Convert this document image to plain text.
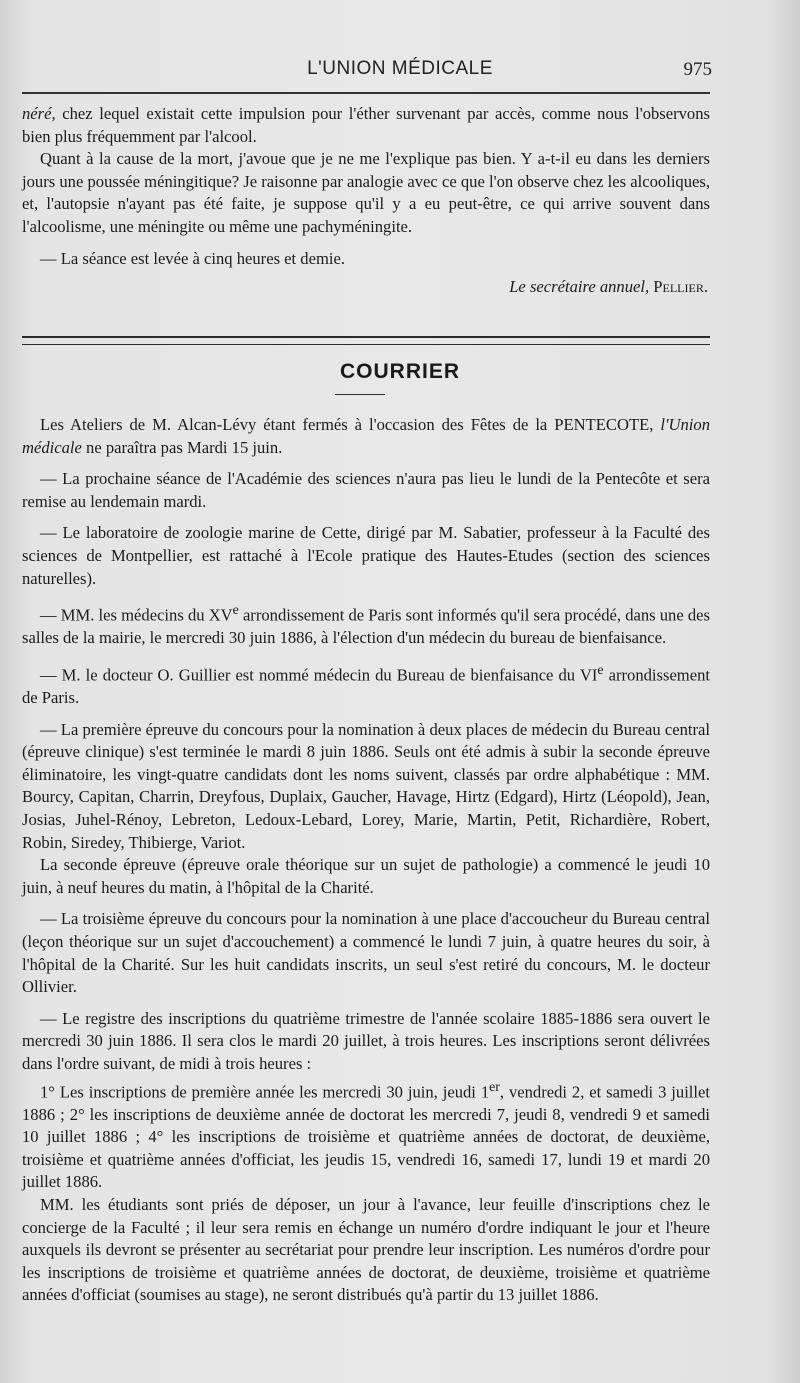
L'UNION MÉDICALE	975

néré, chez lequel existait cette impulsion pour l'éther survenant par accès, comme nous l'observons bien plus fréquemment par l'alcool.

Quant à la cause de la mort, j'avoue que je ne me l'explique pas bien. Y a-t-il eu dans les derniers jours une poussée méningitique? Je raisonne par analogie avec ce que l'on observe chez les alcooliques, et, l'autopsie n'ayant pas été faite, je suppose qu'il y a eu peut-être, ce qui arrive souvent dans l'alcoolisme, une méningite ou même une pachyméningite.

— La séance est levée à cinq heures et demie.

Le secrétaire annuel, Pellier.

COURRIER

Les Ateliers de M. Alcan-Lévy étant fermés à l'occasion des Fêtes de la PENTECOTE, l'Union médicale ne paraîtra pas Mardi 15 juin.

— La prochaine séance de l'Académie des sciences n'aura pas lieu le lundi de la Pentecôte et sera remise au lendemain mardi.

— Le laboratoire de zoologie marine de Cette, dirigé par M. Sabatier, professeur à la Faculté des sciences de Montpellier, est rattaché à l'Ecole pratique des Hautes-Etudes (section des sciences naturelles).

— MM. les médecins du XVe arrondissement de Paris sont informés qu'il sera procédé, dans une des salles de la mairie, le mercredi 30 juin 1886, à l'élection d'un médecin du bureau de bienfaisance.

— M. le docteur O. Guillier est nommé médecin du Bureau de bienfaisance du VIe arrondissement de Paris.

— La première épreuve du concours pour la nomination à deux places de médecin du Bureau central (épreuve clinique) s'est terminée le mardi 8 juin 1886. Seuls ont été admis à subir la seconde épreuve éliminatoire, les vingt-quatre candidats dont les noms suivent, classés par ordre alphabétique : MM. Bourcy, Capitan, Charrin, Dreyfous, Duplaix, Gaucher, Havage, Hirtz (Edgard), Hirtz (Léopold), Jean, Josias, Juhel-Rénoy, Lebreton, Ledoux-Lebard, Lorey, Marie, Martin, Petit, Richardière, Robert, Robin, Siredey, Thibierge, Variot.

La seconde épreuve (épreuve orale théorique sur un sujet de pathologie) a commencé le jeudi 10 juin, à neuf heures du matin, à l'hôpital de la Charité.

— La troisième épreuve du concours pour la nomination à une place d'accoucheur du Bureau central (leçon théorique sur un sujet d'accouchement) a commencé le lundi 7 juin, à quatre heures du soir, à l'hôpital de la Charité. Sur les huit candidats inscrits, un seul s'est retiré du concours, M. le docteur Ollivier.

— Le registre des inscriptions du quatrième trimestre de l'année scolaire 1885-1886 sera ouvert le mercredi 30 juin 1886. Il sera clos le mardi 20 juillet, à trois heures. Les inscriptions seront délivrées dans l'ordre suivant, de midi à trois heures :

1° Les inscriptions de première année les mercredi 30 juin, jeudi 1er, vendredi 2, et samedi 3 juillet 1886 ; 2° les inscriptions de deuxième année de doctorat les mercredi 7, jeudi 8, vendredi 9 et samedi 10 juillet 1886 ; 4° les inscriptions de troisième et quatrième années de doctorat, de deuxième, troisième et quatrième années d'officiat, les jeudis 15, vendredi 16, samedi 17, lundi 19 et mardi 20 juillet 1886.

MM. les étudiants sont priés de déposer, un jour à l'avance, leur feuille d'inscriptions chez le concierge de la Faculté ; il leur sera remis en échange un numéro d'ordre indiquant le jour et l'heure auxquels ils devront se présenter au secrétariat pour prendre leur inscription. Les numéros d'ordre pour les inscriptions de troisième et quatrième années de doctorat, de deuxième, troisième et quatrième années d'officiat (soumises au stage), ne seront distribués qu'à partir du 13 juillet 1886.
